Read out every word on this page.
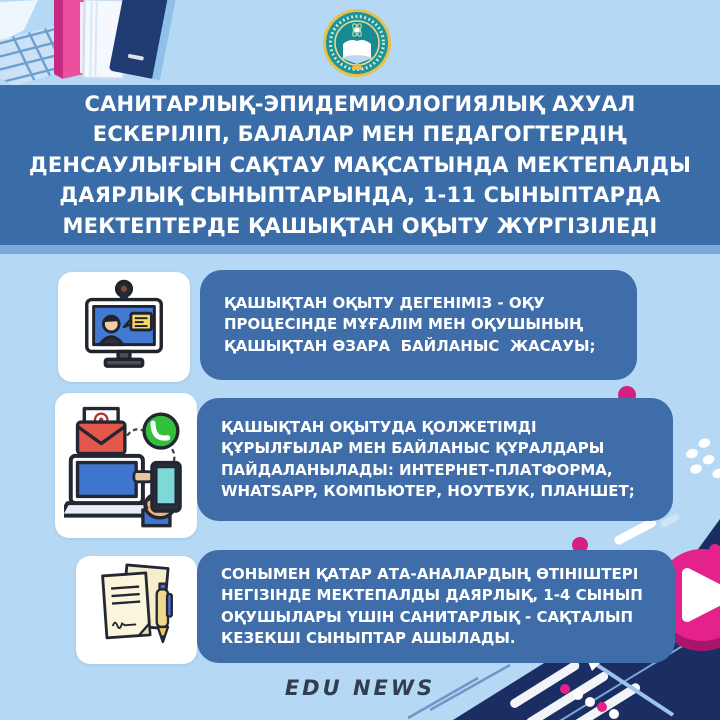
САНИТАРЛЫҚ-ЭПИДЕМИОЛОГИЯЛЫҚ АХУАЛ
ЕСКЕРІЛІП, БАЛАЛАР МЕН ПЕДАГОГТЕРДІҢ
ДЕНСАУЛЫҒЫН САҚТАУ МАҚСАТЫНДА МЕКТЕПАЛДЫ
ДАЯРЛЫҚ СЫНЫПТАРЫНДА, 1-11 СЫНЫПТАРДА
МЕКТЕПТЕРДЕ ҚАШЫҚТАН ОҚЫТУ ЖҮРГІЗІЛЕДІ
ҚАШЫҚТАН ОҚЫТУ ДЕГЕНІМІЗ - ОҚУ
ПРОЦЕСІНДЕ МҰҒАЛІМ МЕН ОҚУШЫНЫҢ
ҚАШЫҚТАН ӨЗАРА  БАЙЛАНЫС  ЖАСАУЫ;
ҚАШЫҚТАН ОҚЫТУДА ҚОЛЖЕТІМДІ
ҚҰРЫЛҒЫЛАР МЕН БАЙЛАНЫС ҚҰРАЛДАРЫ
ПАЙДАЛАНЫЛАДЫ: ИНТЕРНЕТ-ПЛАТФОРМА,
WHATSAPP, КОМПЬЮТЕР, НОУТБУК, ПЛАНШЕТ;
СОНЫМЕН ҚАТАР АТА-АНАЛАРДЫҢ ӨТІНІШТЕРІ
НЕГІЗІНДЕ МЕКТЕПАЛДЫ ДАЯРЛЫҚ, 1-4 СЫНЫП
ОҚУШЫЛАРЫ ҮШІН САНИТАРЛЫҚ - САҚТАЛЫП
КЕЗЕКШІ СЫНЫПТАР АШЫЛАДЫ.
EDU NEWS
